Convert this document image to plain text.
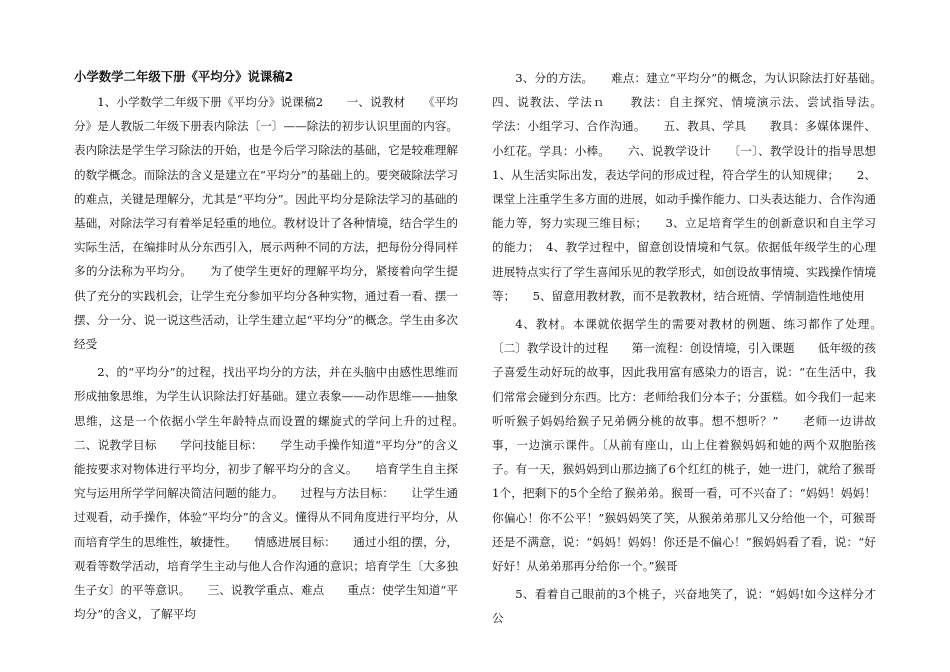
小学数学二年级下册《平均分》说课稿2

1、小学数学二年级下册《平均分》说课稿2　　一、说教材　　《平均分》是人教版二年级下册表内除法〔一〕——除法的初步认识里面的内容。表内除法是学生学习除法的开始，也是今后学习除法的基础，它是较难理解的数学概念。而除法的含义是建立在“平均分”的基础上的。要突破除法学习的难点，关键是理解分，尤其是“平均分”。因此平均分是除法学习的基础的基础，对除法学习有着举足轻重的地位。教材设计了各种情境，结合学生的实际生活，在编排时从分东西引入，展示两种不同的方法，把每份分得同样多的分法称为平均分。　　为了使学生更好的理解平均分，紧接着向学生提供了充分的实践机会，让学生充分参加平均分各种实物，通过看一看、摆一摆、分一分、说一说这些活动，让学生建立起“平均分”的概念。学生由多次经受

2、的“平均分”的过程，找出平均分的方法，并在头脑中由感性思维而形成抽象思维，为学生认识除法打好基础。建立表象——动作思维——抽象思维，这是一个依据小学生年龄特点而设置的螺旋式的学问上升的过程。　　二、说教学目标　　学问技能目标：　　学生动手操作知道“平均分”的含义能按要求对物体进行平均分，初步了解平均分的含义。　　培育学生自主探究与运用所学学问解决简洁问题的能力。　　过程与方法目标：　　让学生通过观看，动手操作，体验“平均分”的含义。懂得从不同角度进行平均分，从而培育学生的思维性，敏捷性。　　情感进展目标：　　通过小组的摆，分，观看等数学活动，培育学生主动与他人合作沟通的意识；培育学生〔大多独生子女〕的平等意识。　　三、说教学重点、难点　　重点：使学生知道“平均分”的含义，了解平均

3、分的方法。　　难点：建立“平均分”的概念，为认识除法打好基础。　四、说教法、学法ｎ　　教法：自主探究、情境演示法、尝试指导法。　　学法：小组学习、合作沟通。　　五、教具、学具　　教具：多媒体课件、小红花。学具：小棒。　　六、说教学设计　　〔一〕、教学设计的指导思想　　1、从生活实际出发，表达学问的形成过程，符合学生的认知规律；　　2、课堂上注重学生多方面的进展，如动手操作能力、口头表达能力、合作沟通能力等，努力实现三维目标；　　3、立足培育学生的创新意识和自主学习的能力；　4、教学过程中，留意创设情境和气氛。依据低年级学生的心理进展特点实行了学生喜闻乐见的教学形式，如创设故事情境、实践操作情境等；　　5、留意用教材教，而不是教教材，结合班情、学情制造性地使用

4、教材。本课就依据学生的需要对教材的例题、练习都作了处理。　〔二〕教学设计的过程　　第一流程：创设情境，引入课题　　低年级的孩子喜爱生动好玩的故事，因此我用富有感染力的语言，说：“在生活中，我们常常会碰到分东西。比方：老师给我们分本子；分蛋糕。如今我们一起来听听猴子妈妈给猴子兄弟俩分桃的故事。想不想听？”　　老师一边讲故事，一边演示课件。〔从前有座山，山上住着猴妈妈和她的两个双胞胎孩子。有一天，猴妈妈到山那边摘了6个红红的桃子，她一进门，就给了猴哥1个，把剩下的5个全给了猴弟弟。猴哥一看，可不兴奋了：“妈妈！妈妈！你偏心！你不公平！”猴妈妈笑了笑，从猴弟弟那儿又分给他一个，可猴哥还是不满意，说：“妈妈！妈妈！你还是不偏心！”猴妈妈看了看，说：“好好好！从弟弟那再分给你一个。”猴哥

5、看着自己眼前的3个桃子，兴奋地笑了，说：“妈妈!如今这样分才公
